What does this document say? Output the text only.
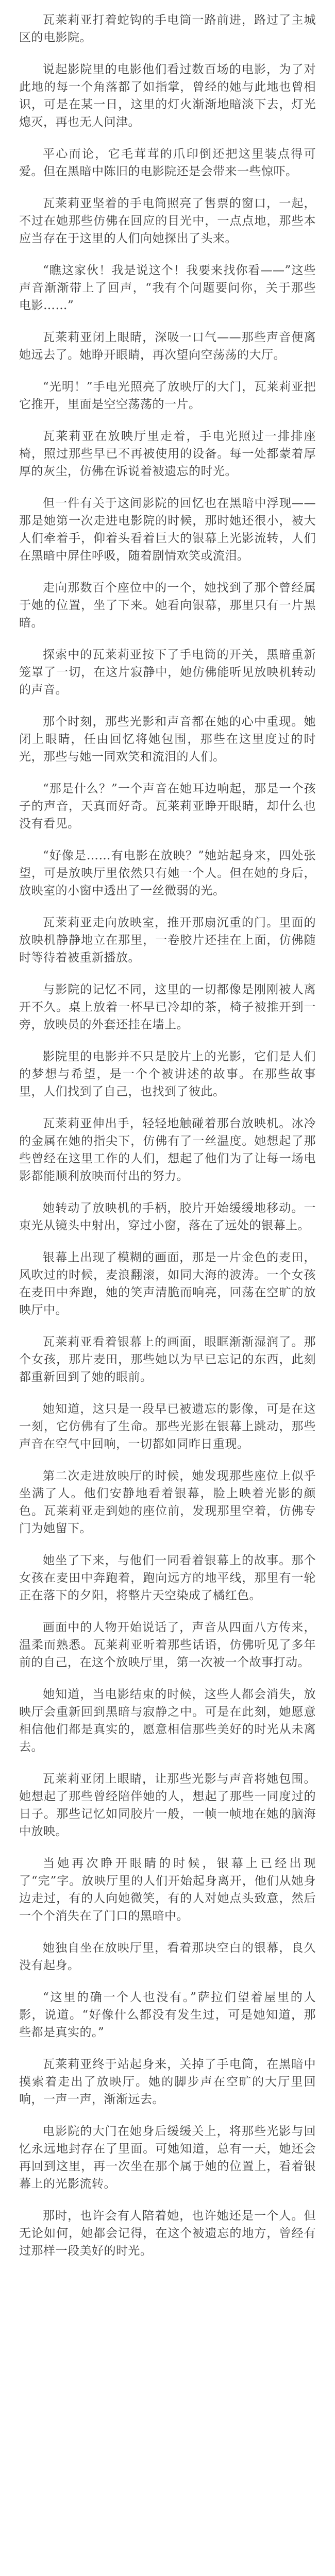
瓦莱莉亚打着蛇钩的手电筒一路前进，路过了主城区的电影院。

说起影院里的电影他们看过数百场的电影，为了对此地的每一个角落都了如指掌，曾经的她与此地也曾相识，可是在某一日，这里的灯火渐渐地暗淡下去，灯光熄灭，再也无人问津。

平心而论，它毛茸茸的爪印倒还把这里装点得可爱。但在黑暗中陈旧的电影院还是会带来一些惊吓。

瓦莱莉亚坚着的手电筒照亮了售票的窗口，一起，不过在她那些仿佛在回应的目光中，一点点地，那些本应当存在于这里的人们向她探出了头来。

“瞧这家伙！我是说这个！我要来找你看——”这些声音渐渐带上了回声，“我有个问题要问你，关于那些电影……”

瓦莱莉亚闭上眼睛，深吸一口气——那些声音便离她远去了。她睁开眼睛，再次望向空荡荡的大厅。

“光明！”手电光照亮了放映厅的大门，瓦莱莉亚把它推开，里面是空空荡荡的一片。

瓦莱莉亚在放映厅里走着，手电光照过一排排座椅，照过那些早已不再被使用的设备。每一处都蒙着厚厚的灰尘，仿佛在诉说着被遗忘的时光。

但一件有关于这间影院的回忆也在黑暗中浮现——那是她第一次走进电影院的时候，那时她还很小，被大人们牵着手，仰着头看着巨大的银幕上光影流转，人们在黑暗中屏住呼吸，随着剧情欢笑或流泪。

走向那数百个座位中的一个，她找到了那个曾经属于她的位置，坐了下来。她看向银幕，那里只有一片黑暗。

探索中的瓦莱莉亚按下了手电筒的开关，黑暗重新笼罩了一切，在这片寂静中，她仿佛能听见放映机转动的声音。

那个时刻，那些光影和声音都在她的心中重现。她闭上眼睛，任由回忆将她包围，那些在这里度过的时光，那些与她一同欢笑和流泪的人们。

“那是什么？”一个声音在她耳边响起，那是一个孩子的声音，天真而好奇。瓦莱莉亚睁开眼睛，却什么也没有看见。

“好像是……有电影在放映？”她站起身来，四处张望，可是放映厅里依然只有她一个人。但在她的身后，放映室的小窗中透出了一丝微弱的光。

瓦莱莉亚走向放映室，推开那扇沉重的门。里面的放映机静静地立在那里，一卷胶片还挂在上面，仿佛随时等待着被重新播放。

与影院的记忆不同，这里的一切都像是刚刚被人离开不久。桌上放着一杯早已冷却的茶，椅子被推开到一旁，放映员的外套还挂在墙上。

影院里的电影并不只是胶片上的光影，它们是人们的梦想与希望，是一个个被讲述的故事。在那些故事里，人们找到了自己，也找到了彼此。

瓦莱莉亚伸出手，轻轻地触碰着那台放映机。冰冷的金属在她的指尖下，仿佛有了一丝温度。她想起了那些曾经在这里工作的人们，想起了他们为了让每一场电影都能顺利放映而付出的努力。

她转动了放映机的手柄，胶片开始缓缓地移动。一束光从镜头中射出，穿过小窗，落在了远处的银幕上。

银幕上出现了模糊的画面，那是一片金色的麦田，风吹过的时候，麦浪翻滚，如同大海的波涛。一个女孩在麦田中奔跑，她的笑声清脆而响亮，回荡在空旷的放映厅中。

瓦莱莉亚看着银幕上的画面，眼眶渐渐湿润了。那个女孩，那片麦田，那些她以为早已忘记的东西，此刻都重新回到了她的眼前。

她知道，这只是一段早已被遗忘的影像，可是在这一刻，它仿佛有了生命。那些光影在银幕上跳动，那些声音在空气中回响，一切都如同昨日重现。

第二次走进放映厅的时候，她发现那些座位上似乎坐满了人。他们安静地看着银幕，脸上映着光影的颜色。瓦莱莉亚走到她的座位前，发现那里空着，仿佛专门为她留下。

她坐了下来，与他们一同看着银幕上的故事。那个女孩在麦田中奔跑着，跑向远方的地平线，那里有一轮正在落下的夕阳，将整片天空染成了橘红色。

画面中的人物开始说话了，声音从四面八方传来，温柔而熟悉。瓦莱莉亚听着那些话语，仿佛听见了多年前的自己，在这个放映厅里，第一次被一个故事打动。

她知道，当电影结束的时候，这些人都会消失，放映厅会重新回到黑暗与寂静之中。可是在此刻，她愿意相信他们都是真实的，愿意相信那些美好的时光从未离去。

瓦莱莉亚闭上眼睛，让那些光影与声音将她包围。她想起了那些曾经陪伴她的人，想起了那些一同度过的日子。那些记忆如同胶片一般，一帧一帧地在她的脑海中放映。

当她再次睁开眼睛的时候，银幕上已经出现了“完”字。放映厅里的人们开始起身离开，他们从她身边走过，有的人向她微笑，有的人对她点头致意，然后一个个消失在了门口的黑暗中。

她独自坐在放映厅里，看着那块空白的银幕，良久没有起身。

“这里的确一个人也没有。”萨拉们望着屋里的人影，说道。“好像什么都没有发生过，可是她知道，那些都是真实的。”

瓦莱莉亚终于站起身来，关掉了手电筒，在黑暗中摸索着走出了放映厅。她的脚步声在空旷的大厅里回响，一声一声，渐渐远去。

电影院的大门在她身后缓缓关上，将那些光影与回忆永远地封存在了里面。可她知道，总有一天，她还会再回到这里，再一次坐在那个属于她的位置上，看着银幕上的光影流转。

那时，也许会有人陪着她，也许她还是一个人。但无论如何，她都会记得，在这个被遗忘的地方，曾经有过那样一段美好的时光。
